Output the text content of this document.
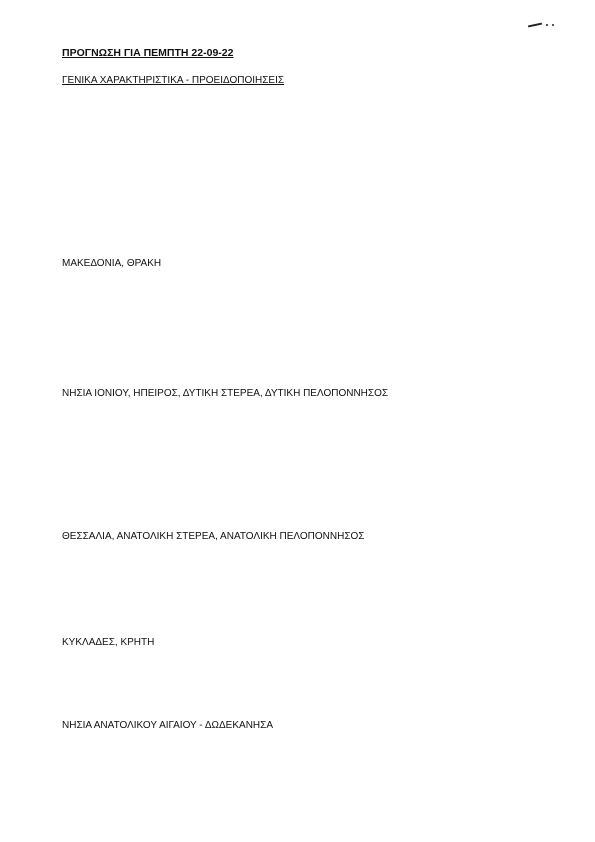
ΠΡΟΓΝΩΣΗ ΓΙΑ ΠΕΜΠΤΗ 22-09-22
ΓΕΝΙΚΑ ΧΑΡΑΚΤΗΡΙΣΤΙΚΑ - ΠΡΟΕΙΔΟΠΟΙΗΣΕΙΣ
ΜΑΚΕΔΟΝΙΑ, ΘΡΑΚΗ
ΝΗΣΙΑ ΙΟΝΙΟΥ, ΗΠΕΙΡΟΣ, ΔΥΤΙΚΗ ΣΤΕΡΕΑ, ΔΥΤΙΚΗ ΠΕΛΟΠΟΝΝΗΣΟΣ
ΘΕΣΣΑΛΙΑ, ΑΝΑΤΟΛΙΚΗ ΣΤΕΡΕΑ, ΑΝΑΤΟΛΙΚΗ ΠΕΛΟΠΟΝΝΗΣΟΣ
ΚΥΚΛΑΔΕΣ, ΚΡΗΤΗ
ΝΗΣΙΑ ΑΝΑΤΟΛΙΚΟΥ ΑΙΓΑΙΟΥ - ΔΩΔΕΚΑΝΗΣΑ
